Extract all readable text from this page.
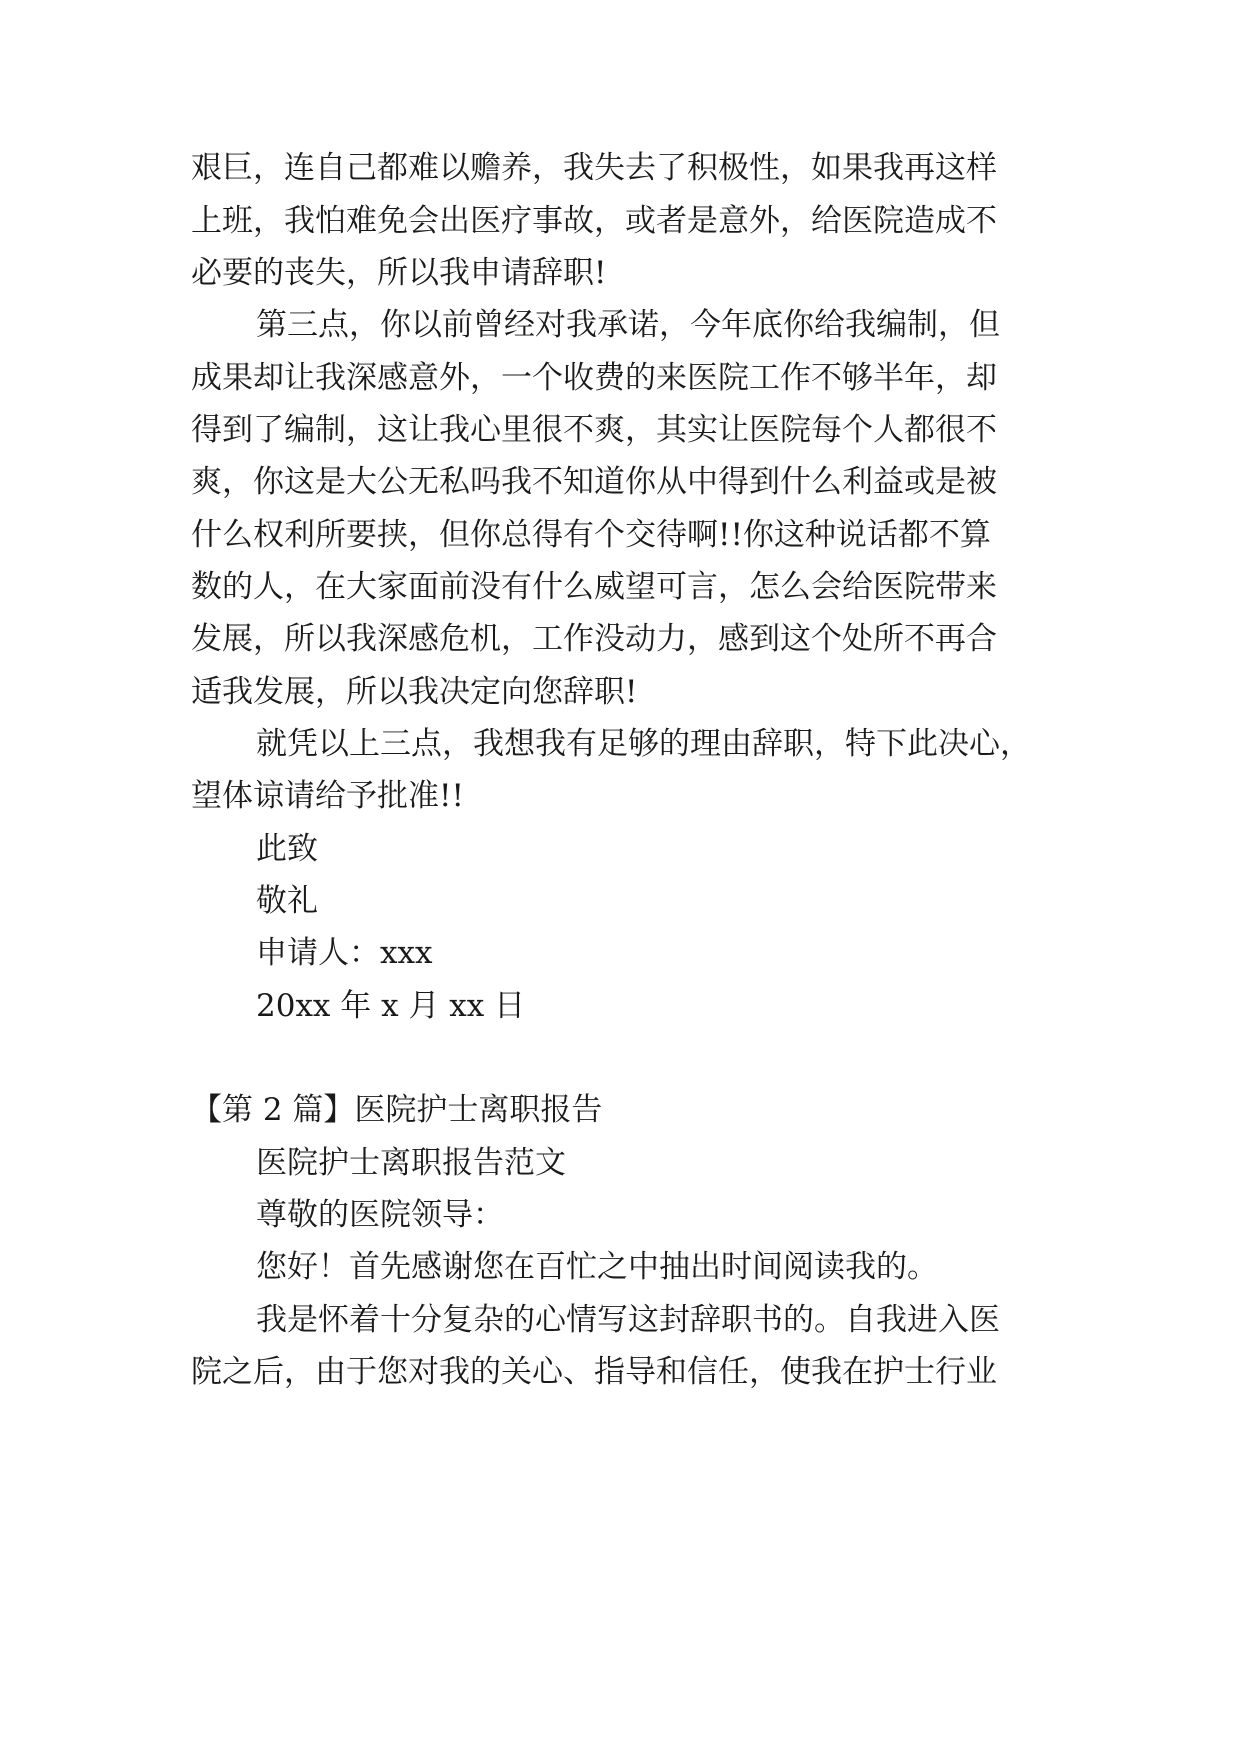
艰巨，连自己都难以赡养，我失去了积极性，如果我再这样
上班，我怕难免会出医疗事故，或者是意外，给医院造成不
必要的丧失，所以我申请辞职!
第三点，你以前曾经对我承诺，今年底你给我编制，但
成果却让我深感意外，一个收费的来医院工作不够半年，却
得到了编制，这让我心里很不爽，其实让医院每个人都很不
爽，你这是大公无私吗我不知道你从中得到什么利益或是被
什么权利所要挟，但你总得有个交待啊!!你这种说话都不算
数的人，在大家面前没有什么威望可言，怎么会给医院带来
发展，所以我深感危机，工作没动力，感到这个处所不再合
适我发展，所以我决定向您辞职!
就凭以上三点，我想我有足够的理由辞职，特下此决心，
望体谅请给予批准!!
此致
敬礼
申请人：xxx
20xx 年 x 月 xx 日
【第 2 篇】医院护士离职报告
医院护士离职报告范文
尊敬的医院领导：
您好！首先感谢您在百忙之中抽出时间阅读我的。
我是怀着十分复杂的心情写这封辞职书的。自我进入医
院之后，由于您对我的关心、指导和信任，使我在护士行业
